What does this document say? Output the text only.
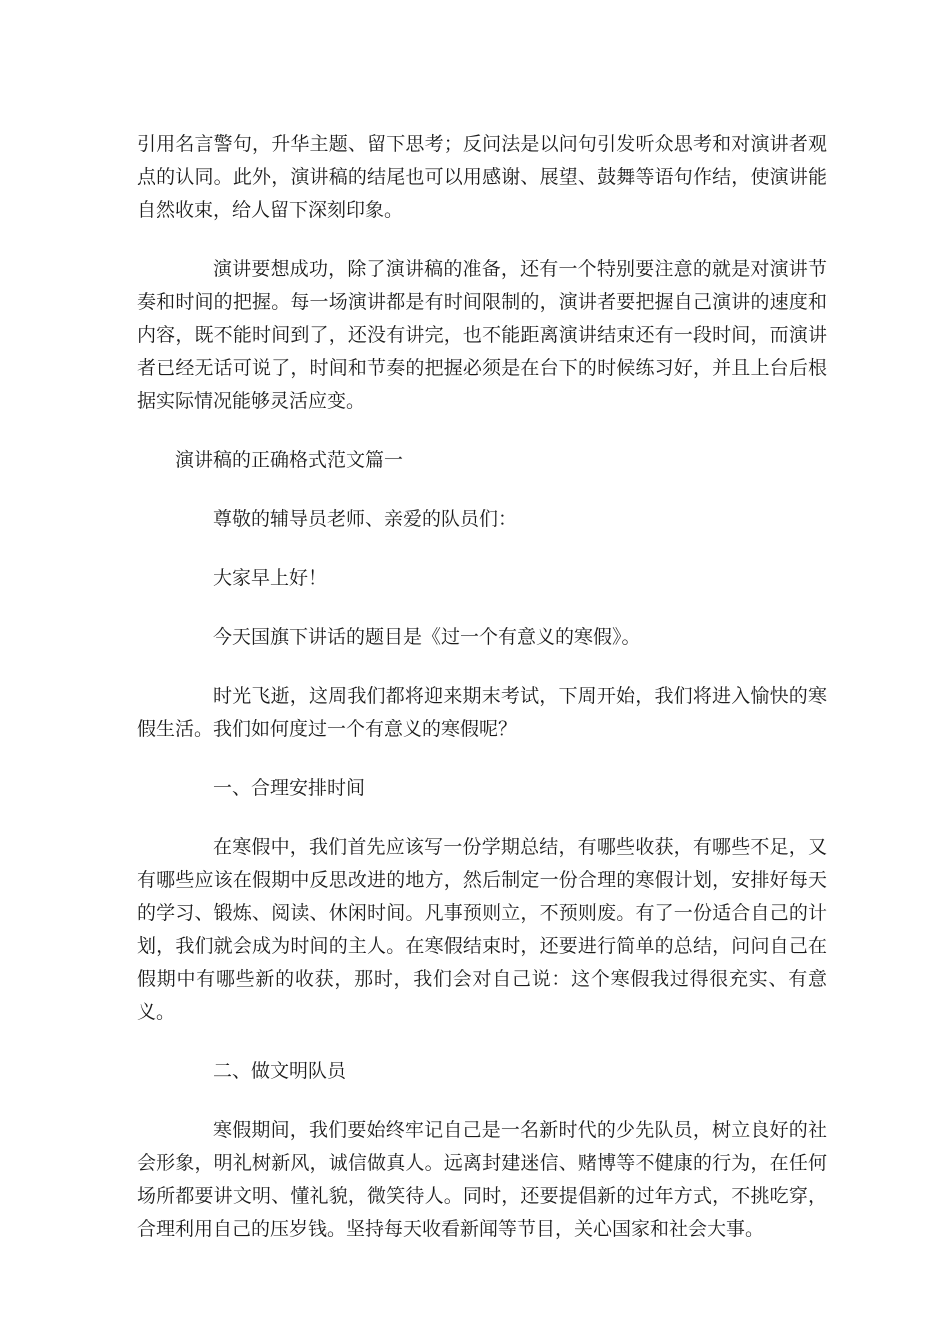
引用名言警句，升华主题、留下思考；反问法是以问句引发听众思考和对演讲者观点的认同。此外，演讲稿的结尾也可以用感谢、展望、鼓舞等语句作结，使演讲能自然收束，给人留下深刻印象。

演讲要想成功，除了演讲稿的准备，还有一个特别要注意的就是对演讲节奏和时间的把握。每一场演讲都是有时间限制的，演讲者要把握自己演讲的速度和内容，既不能时间到了，还没有讲完，也不能距离演讲结束还有一段时间，而演讲者已经无话可说了，时间和节奏的把握必须是在台下的时候练习好，并且上台后根据实际情况能够灵活应变。

演讲稿的正确格式范文篇一

尊敬的辅导员老师、亲爱的队员们：

大家早上好！

今天国旗下讲话的题目是《过一个有意义的寒假》。

时光飞逝，这周我们都将迎来期末考试，下周开始，我们将进入愉快的寒假生活。我们如何度过一个有意义的寒假呢？

一、合理安排时间

在寒假中，我们首先应该写一份学期总结，有哪些收获，有哪些不足，又有哪些应该在假期中反思改进的地方，然后制定一份合理的寒假计划，安排好每天的学习、锻炼、阅读、休闲时间。凡事预则立，不预则废。有了一份适合自己的计划，我们就会成为时间的主人。在寒假结束时，还要进行简单的总结，问问自己在假期中有哪些新的收获，那时，我们会对自己说：这个寒假我过得很充实、有意义。

二、做文明队员

寒假期间，我们要始终牢记自己是一名新时代的少先队员，树立良好的社会形象，明礼树新风，诚信做真人。远离封建迷信、赌博等不健康的行为，在任何场所都要讲文明、懂礼貌，微笑待人。同时，还要提倡新的过年方式，不挑吃穿，合理利用自己的压岁钱。坚持每天收看新闻等节目，关心国家和社会大事。
